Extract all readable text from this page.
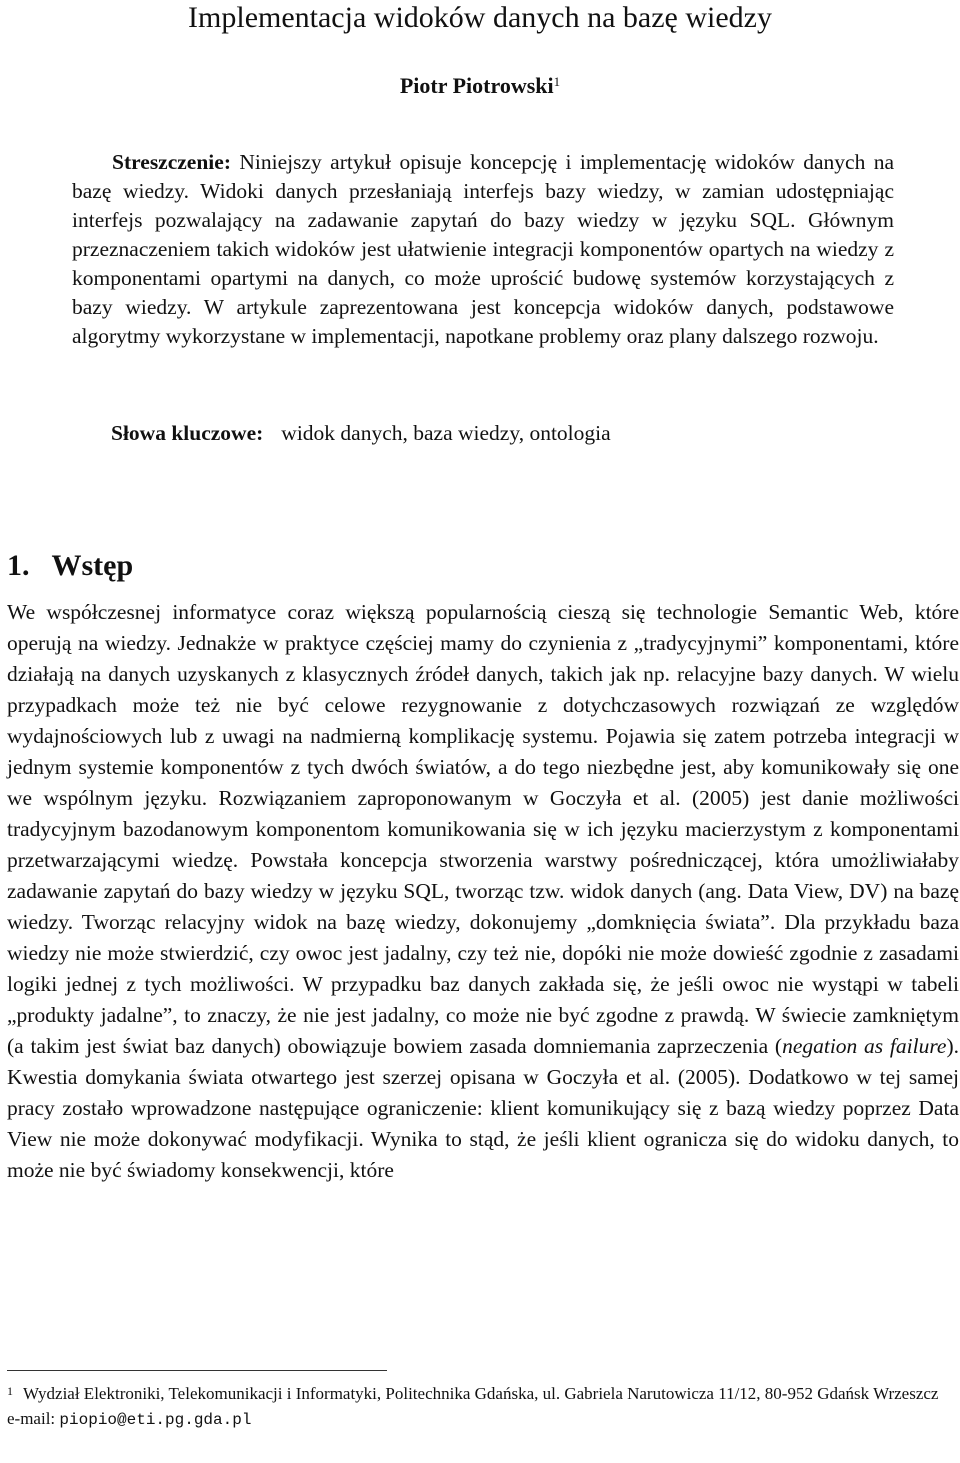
Implementacja widoków danych na bazę wiedzy
Piotr Piotrowski$^1$

Streszczenie: Niniejszy artykuł opisuje koncepcję i implementację widoków danych na bazę wiedzy. Widoki danych przesłaniają interfejs bazy wiedzy, w zamian udostępniając interfejs pozwalający na zadawanie zapytań do bazy wiedzy w języku SQL. Głównym przeznaczeniem takich widoków jest ułatwienie integracji komponentów opartych na wiedzy z komponentami opartymi na danych, co może uprościć budowę systemów korzystających z bazy wiedzy. W artykule zaprezentowana jest koncepcja widoków danych, podstawowe algorytmy wykorzystane w implementacji, napotkane problemy oraz plany dalszego rozwoju.

Słowa kluczowe: widok danych, baza wiedzy, ontologia
1. Wstęp

We współczesnej informatyce coraz większą popularnością cieszą się technologie Semantic Web, które operują na wiedzy. Jednakże w praktyce częściej mamy do czynienia z „tradycyjnymi” komponentami, które działają na danych uzyskanych z klasycznych źródeł danych, takich jak np. relacyjne bazy danych. W wielu przypadkach może też nie być celowe rezygnowanie z dotychczasowych rozwiązań ze względów wydajnościowych lub z uwagi na nadmierną komplikację systemu. Pojawia się zatem potrzeba integracji w jednym systemie komponentów z tych dwóch światów, a do tego niezbędne jest, aby komunikowały się one we wspólnym języku. Rozwiązaniem zaproponowanym w Goczyła et al. (2005) jest danie możliwości tradycyjnym bazodanowym komponentom komunikowania się w ich języku macierzystym z komponentami przetwarzającymi wiedzę. Powstała koncepcja stworzenia warstwy pośredniczącej, która umożliwiałaby zadawanie zapytań do bazy wiedzy w języku SQL, tworząc tzw. widok danych (ang. Data View, DV) na bazę wiedzy. Tworząc relacyjny widok na bazę wiedzy, dokonujemy „domknięcia świata”. Dla przykładu baza wiedzy nie może stwierdzić, czy owoc jest jadalny, czy też nie, dopóki nie może dowieść zgodnie z zasadami logiki jednej z tych możliwości. W przypadku baz danych zakłada się, że jeśli owoc nie wystąpi w tabeli „produkty jadalne”, to znaczy, że nie jest jadalny, co może nie być zgodne z prawdą. W świecie zamkniętym (a takim jest świat baz danych) obowiązuje bowiem zasada domniemania zaprzeczenia (negation as failure). Kwestia domykania świata otwartego jest szerzej opisana w Goczyła et al. (2005). Dodatkowo w tej samej pracy zostało wprowadzone następujące ograniczenie: klient komunikujący się z bazą wiedzy poprzez Data View nie może dokonywać modyfikacji. Wynika to stąd, że jeśli klient ogranicza się do widoku danych, to może nie być świadomy konsekwencji, które

1 Wydział Elektroniki, Telekomunikacji i Informatyki, Politechnika Gdańska, ul. Gabriela Narutowicza 11/12, 80-952 Gdańsk Wrzeszcz
e-mail: piopio@eti.pg.gda.pl
